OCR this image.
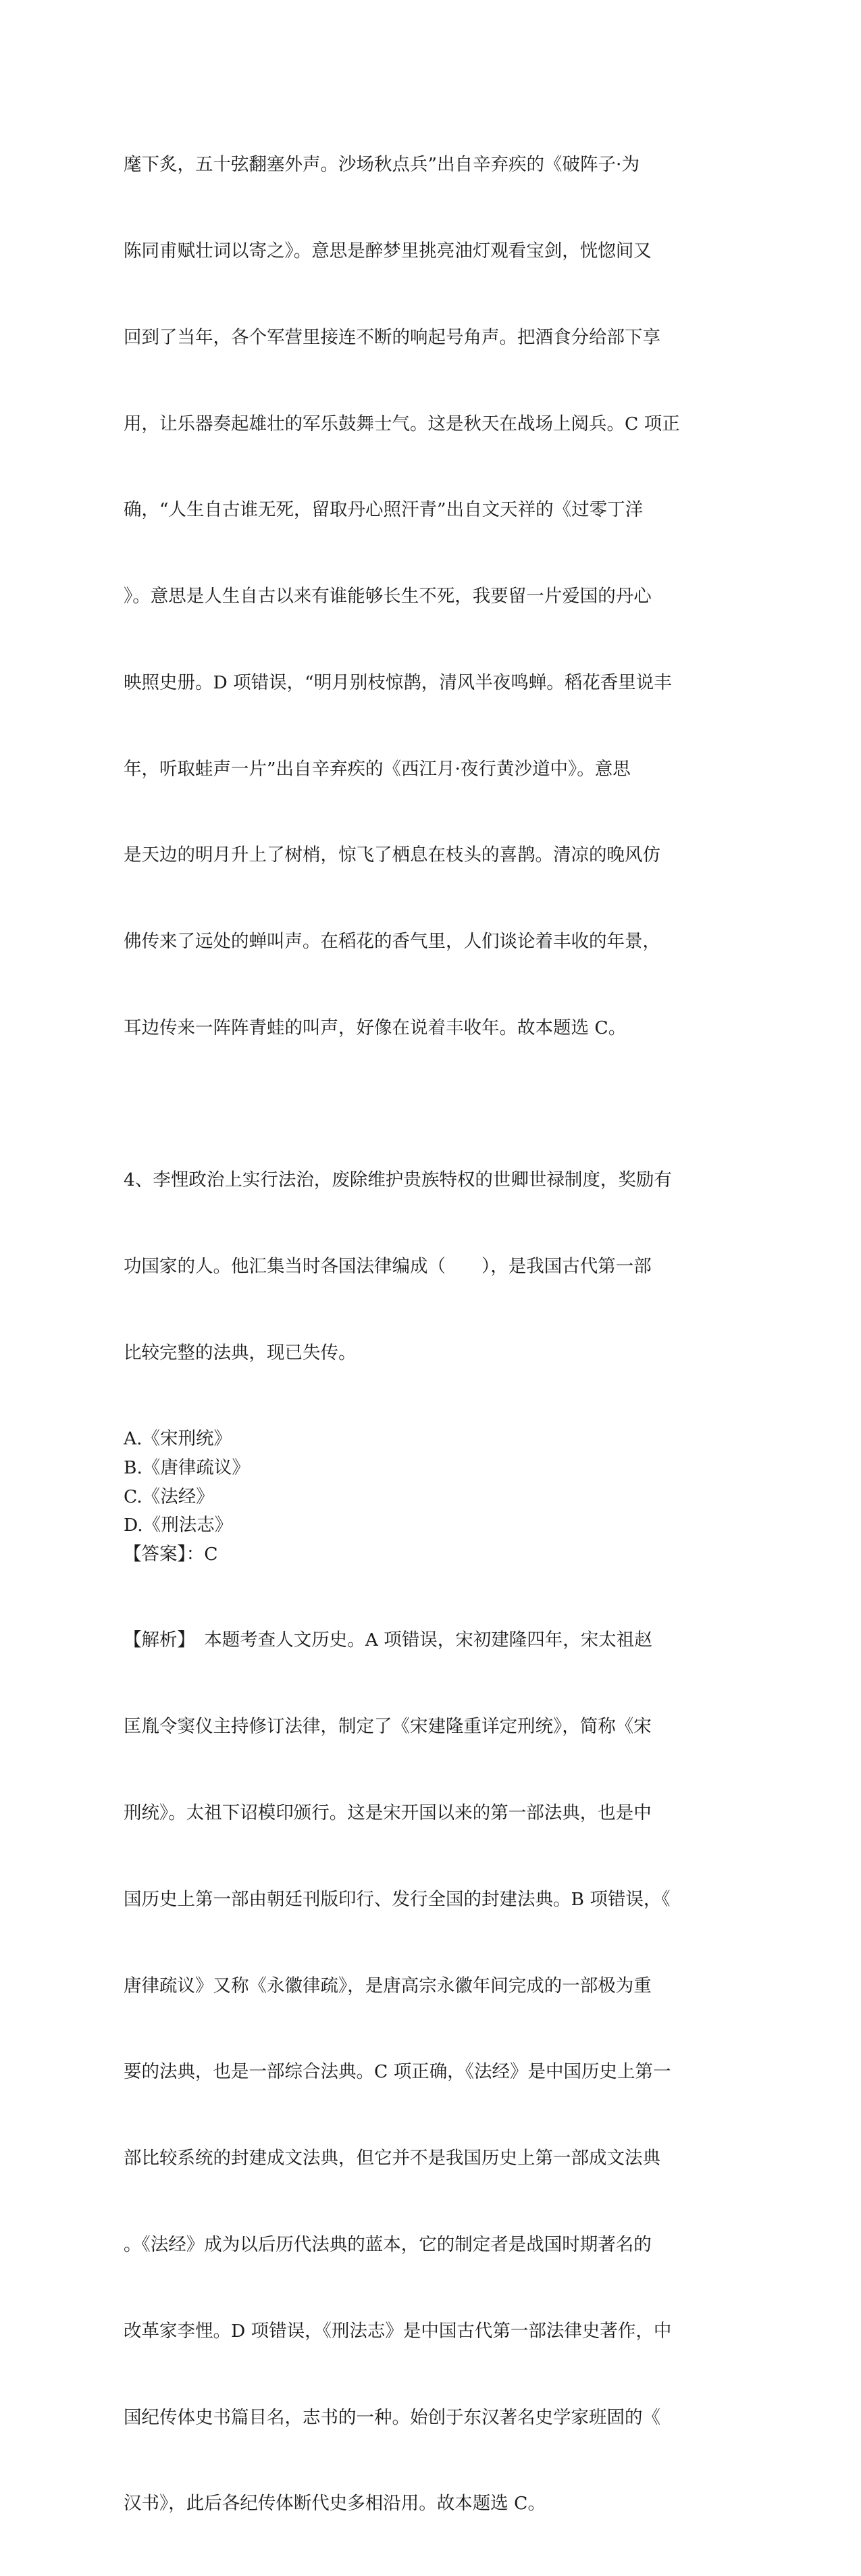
麾下炙，五十弦翻塞外声。沙场秋点兵”出自辛弃疾的《破阵子·为

陈同甫赋壮词以寄之》。意思是醉梦里挑亮油灯观看宝剑，恍惚间又

回到了当年，各个军营里接连不断的响起号角声。把酒食分给部下享

用，让乐器奏起雄壮的军乐鼓舞士气。这是秋天在战场上阅兵。C 项正

确，“人生自古谁无死，留取丹心照汗青”出自文天祥的《过零丁洋

》。意思是人生自古以来有谁能够长生不死，我要留一片爱国的丹心

映照史册。D 项错误，“明月别枝惊鹊，清风半夜鸣蝉。稻花香里说丰

年，听取蛙声一片”出自辛弃疾的《西江月·夜行黄沙道中》。意思

是天边的明月升上了树梢，惊飞了栖息在枝头的喜鹊。清凉的晚风仿

佛传来了远处的蝉叫声。在稻花的香气里，人们谈论着丰收的年景，

耳边传来一阵阵青蛙的叫声，好像在说着丰收年。故本题选 C。

4、李悝政治上实行法治，废除维护贵族特权的世卿世禄制度，奖励有

功国家的人。他汇集当时各国法律编成（　　），是我国古代第一部

比较完整的法典，现已失传。

A.《宋刑统》
B.《唐律疏议》
C.《法经》
D.《刑法志》
【答案】：C

【解析】　本题考查人文历史。A 项错误，宋初建隆四年，宋太祖赵

匡胤令窦仪主持修订法律，制定了《宋建隆重详定刑统》，简称《宋

刑统》。太祖下诏模印颁行。这是宋开国以来的第一部法典，也是中

国历史上第一部由朝廷刊版印行、发行全国的封建法典。B 项错误，《

唐律疏议》又称《永徽律疏》，是唐高宗永徽年间完成的一部极为重

要的法典，也是一部综合法典。C 项正确，《法经》是中国历史上第一

部比较系统的封建成文法典，但它并不是我国历史上第一部成文法典

。《法经》成为以后历代法典的蓝本，它的制定者是战国时期著名的

改革家李悝。D 项错误，《刑法志》是中国古代第一部法律史著作，中

国纪传体史书篇目名，志书的一种。始创于东汉著名史学家班固的《

汉书》，此后各纪传体断代史多相沿用。故本题选 C。
